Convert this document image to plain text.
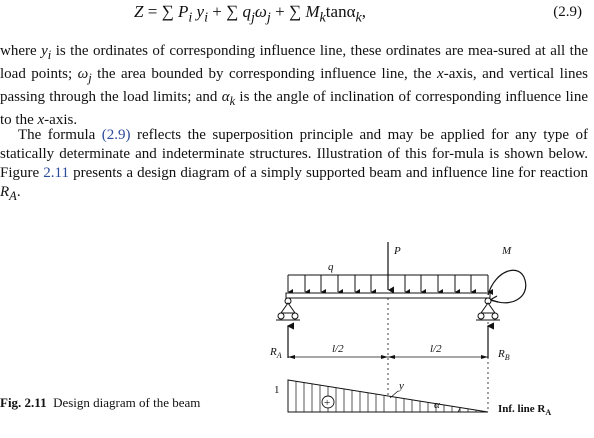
Z = ∑ $P_i$ $y_i$ + ∑ $q_j\omega_j$ + ∑ $M_k\tan\alpha_k$,	(2.9)

where $y_i$ is the ordinates of corresponding influence line, these ordinates are mea-sured at all the load points; $\omega_j$ the area bounded by corresponding influence line, the x-axis, and vertical lines passing through the load limits; and $\alpha_k$ is the angle of inclination of corresponding influence line to the x-axis.

The formula (2.9) reflects the superposition principle and may be applied for any type of statically determinate and indeterminate structures. Illustration of this for-mula is shown below. Figure 2.11 presents a design diagram of a simply supported beam and influence line for reaction $R_A$.

q
P	M
$R_A$	$R_B$
l/2	l/2
+
1	y
α	Inf. line $R_A$
Fig. 2.11 Design diagram of the beam
